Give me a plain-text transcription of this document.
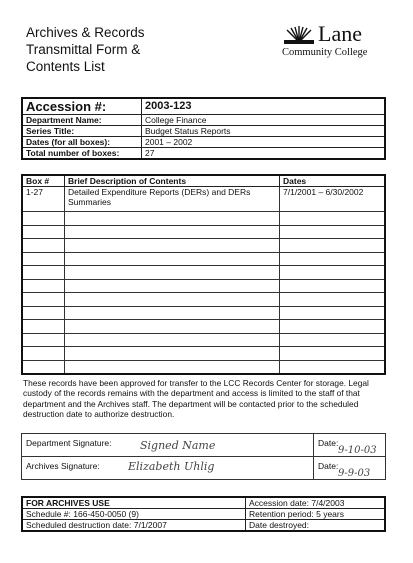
Archives & Records
Transmittal Form &
Contents List
Lane
Community College
Accession #:	2003-123
Department Name:	College Finance
Series Title:	Budget Status Reports
Dates (for all boxes):	2001 – 2002
Total number of boxes:	27
Box #	Brief Description of Contents	Dates
1-27	Detailed Expenditure Reports (DERs) and DERs Summaries	7/1/2001 – 6/30/2002

These records have been approved for transfer to the LCC Records Center for storage. Legal custody of the records remains with the department and access is limited to the staff of that department and the Archives staff. The department will be contacted prior to the scheduled destruction date to authorize destruction.
Department Signature: Signed Name	Date:
9-10-03

Archives Signature: Elizabeth Uhlig	Date:
9-9-03
FOR ARCHIVES USE	Accession date: 7/4/2003
Schedule #: 166-450-0050 (9)	Retention period: 5 years
Scheduled destruction date: 7/1/2007	Date destroyed:
